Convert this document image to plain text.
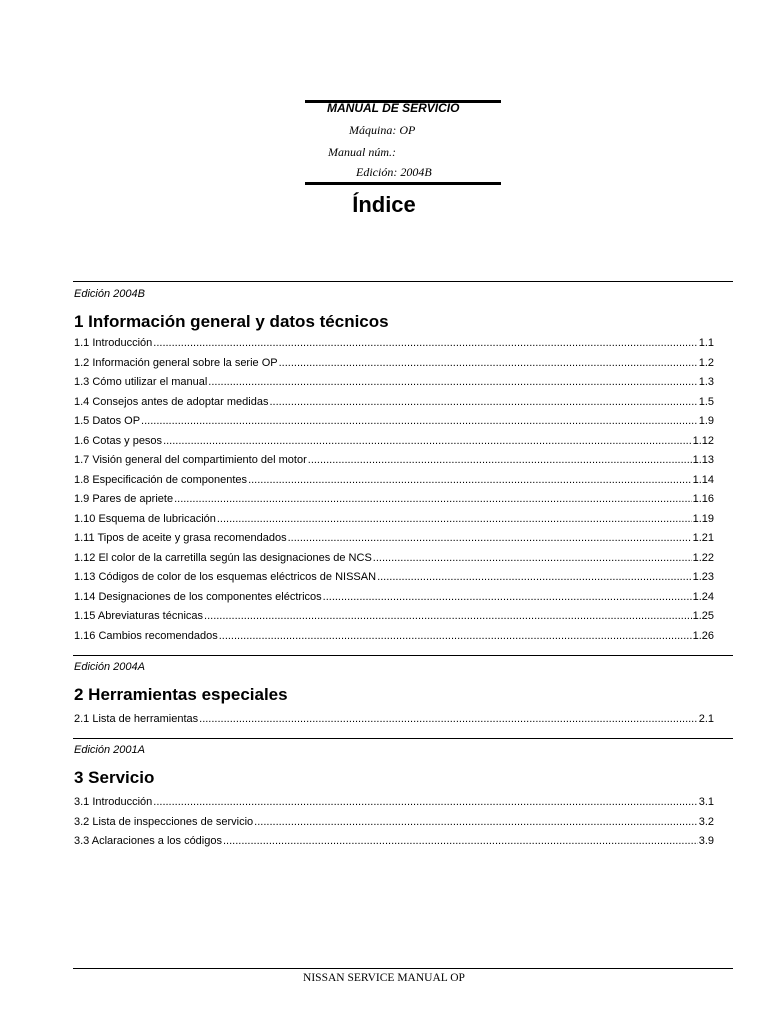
MANUAL DE SERVICIO
Máquina: OP
Manual núm.:
Edición: 2004B
Índice
Edición 2004B
1 Información general y datos técnicos
1.1 Introducción .....	1.1
1.2 Información general sobre la serie OP .....	1.2
1.3 Cómo utilizar el manual .....	1.3
1.4 Consejos antes de adoptar medidas .....	1.5
1.5 Datos OP .....	1.9
1.6 Cotas y pesos .....	1.12
1.7 Visión general del compartimiento del motor .....	1.13
1.8 Especificación de componentes .....	1.14
1.9 Pares de apriete .....	1.16
1.10 Esquema de lubricación .....	1.19
1.11 Tipos de aceite y grasa recomendados .....	1.21
1.12 El color de la carretilla según las designaciones de NCS .....	1.22
1.13 Códigos de color de los esquemas eléctricos de NISSAN .....	1.23
1.14 Designaciones de los componentes eléctricos .....	1.24
1.15 Abreviaturas técnicas .....	1.25
1.16 Cambios recomendados .....	1.26
Edición 2004A
2 Herramientas especiales
2.1 Lista de herramientas .....	2.1
Edición 2001A
3 Servicio
3.1 Introducción .....	3.1
3.2 Lista de inspecciones de servicio .....	3.2
3.3 Aclaraciones a los códigos .....	3.9
NISSAN SERVICE MANUAL OP
